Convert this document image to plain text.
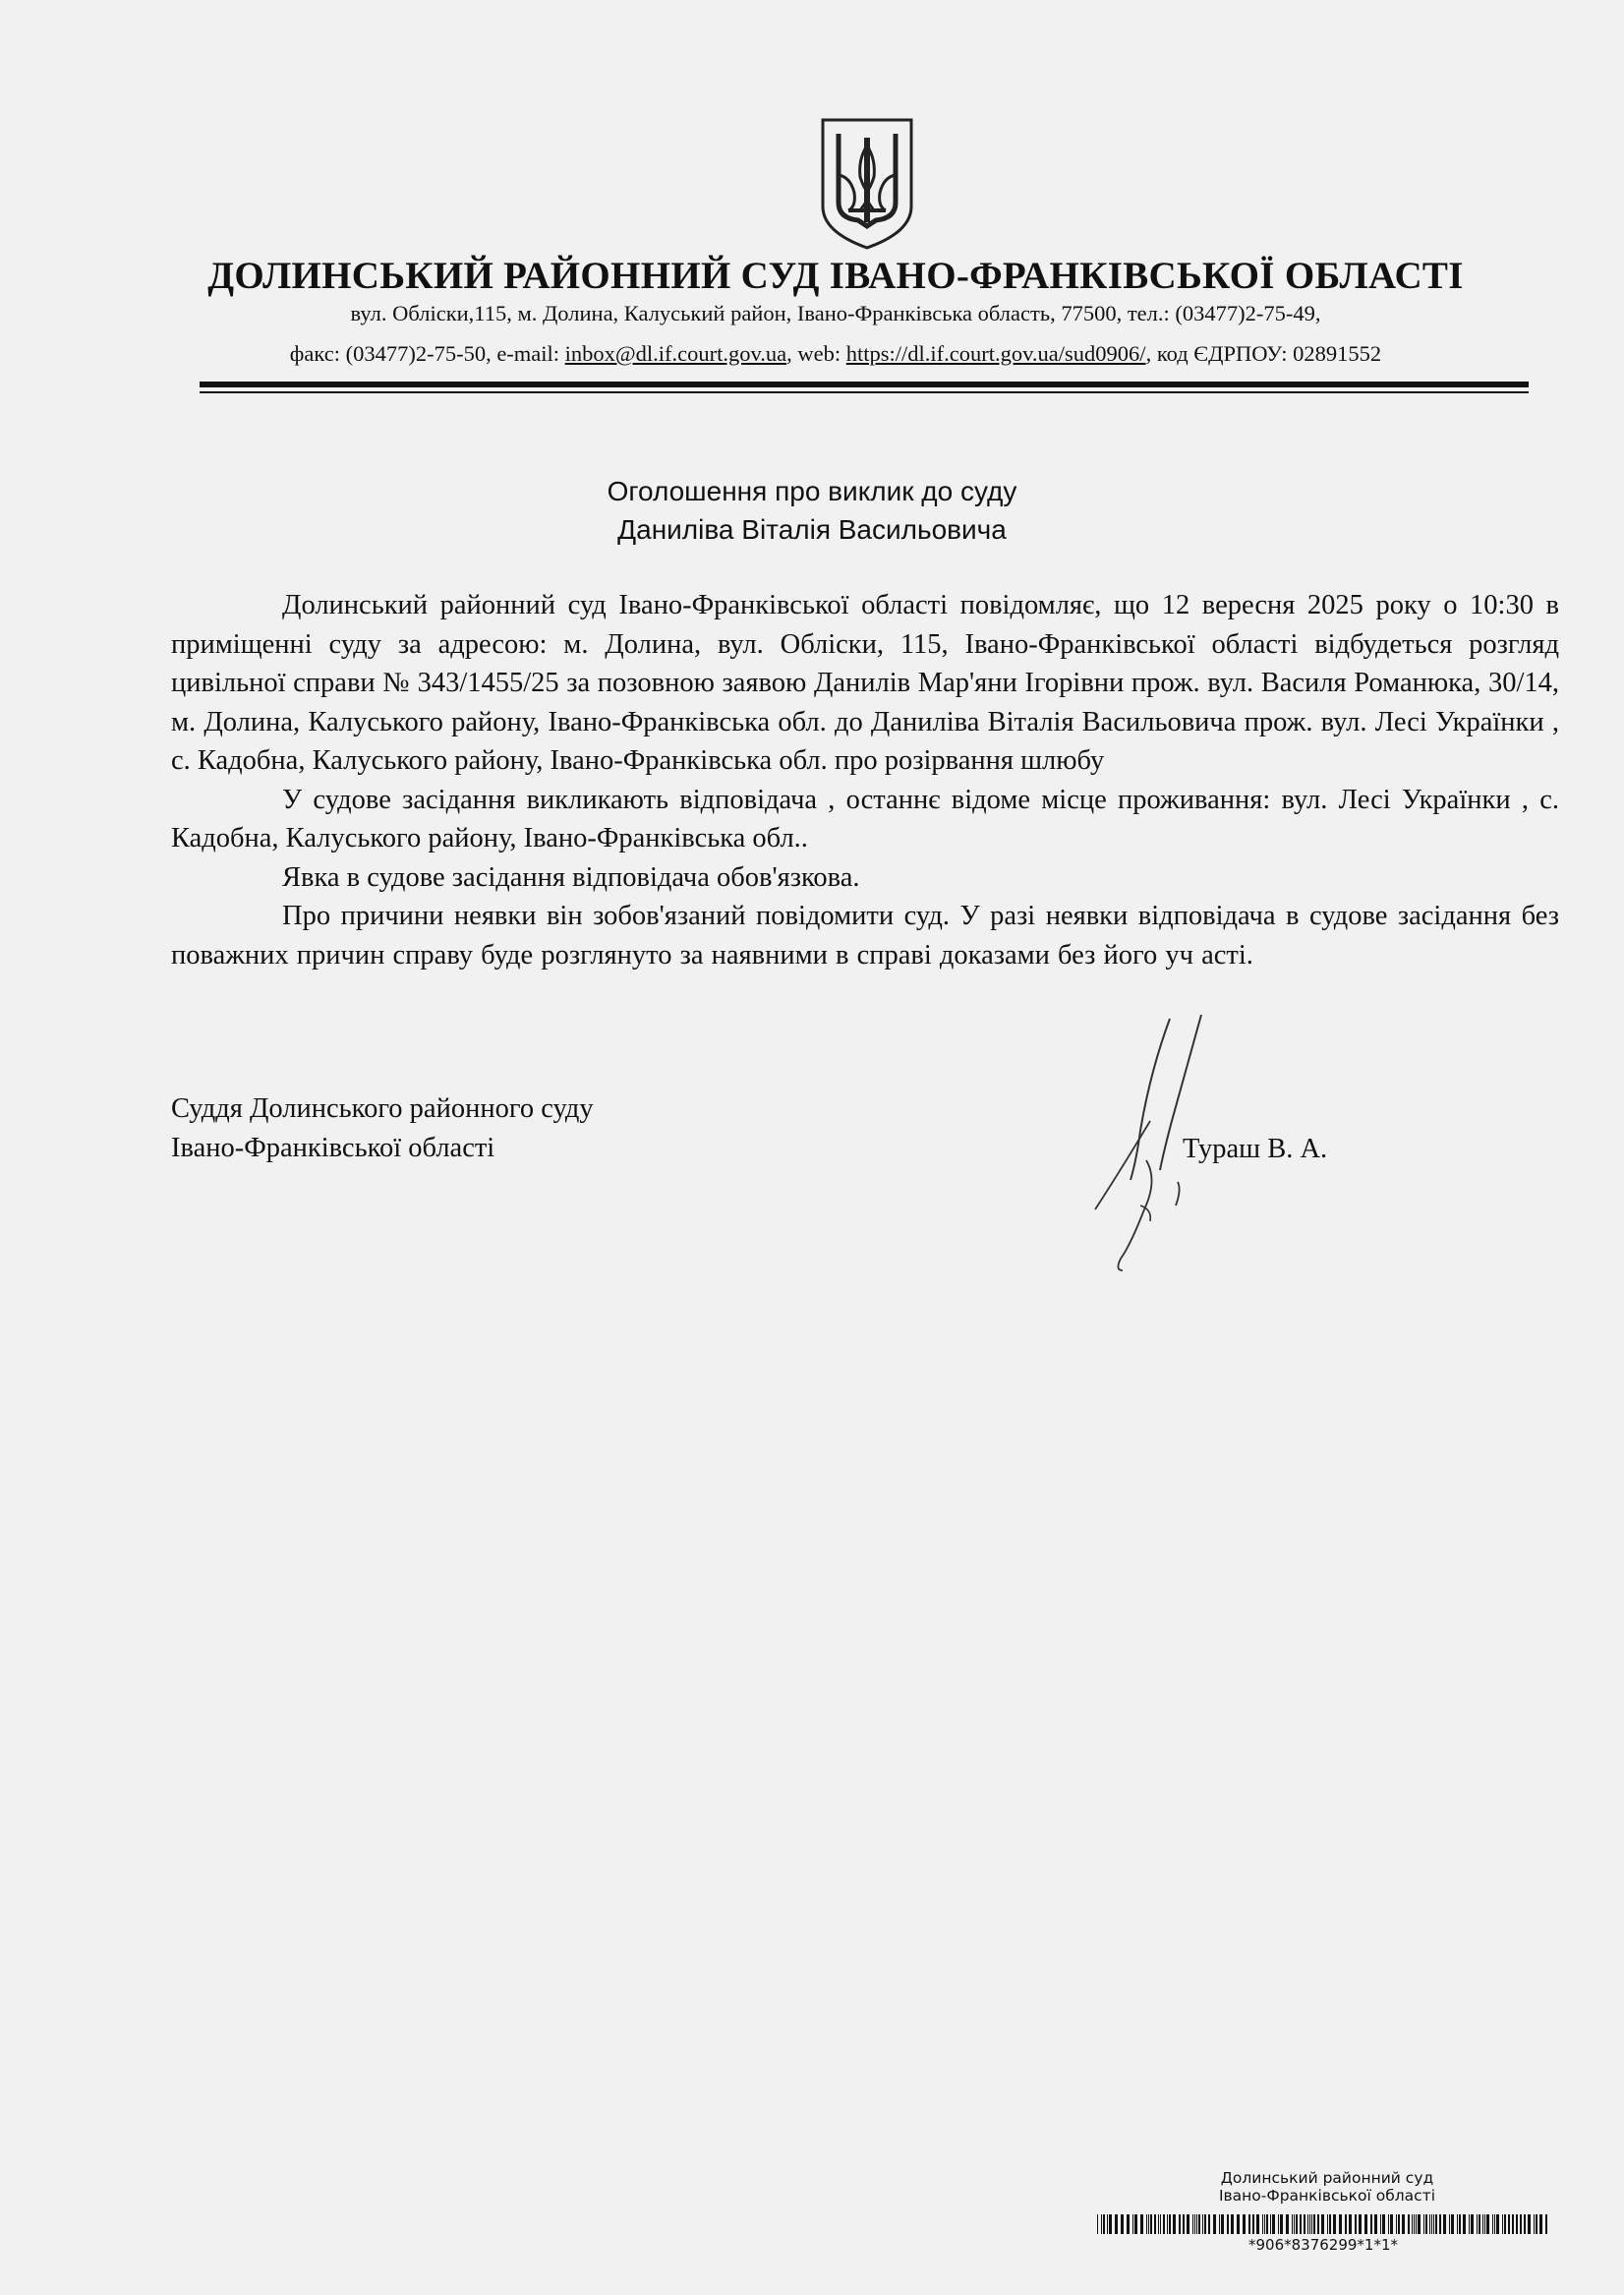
ДОЛИНСЬКИЙ РАЙОННИЙ СУД ІВАНО-ФРАНКІВСЬКОЇ ОБЛАСТІ
вул. Обліски,115, м. Долина, Калуський район, Івано-Франківська область, 77500, тел.: (03477)2-75-49,
факс: (03477)2-75-50, e-mail: inbox@dl.if.court.gov.ua, web: https://dl.if.court.gov.ua/sud0906/, код ЄДРПОУ: 02891552
Оголошення про виклик до суду
Даниліва Віталія Васильовича

Долинський районний суд Івано-Франківської області повідомляє, що 12 вересня 2025 року о 10:30 в приміщенні суду за адресою: м. Долина, вул. Обліски, 115, Івано-Франківської області відбудеться розгляд цивільної справи № 343/1455/25 за позовною заявою Данилів Мар'яни Ігорівни прож. вул. Василя Романюка, 30/14, м. Долина, Калуського району, Івано-Франківська обл. до Даниліва Віталія Васильовича прож. вул. Лесі Українки , с. Кадобна, Калуського району, Івано-Франківська обл. про розірвання шлюбу

У судове засідання викликають відповідача , останнє відоме місце проживання: вул. Лесі Українки , с. Кадобна, Калуського району, Івано-Франківська обл..

Явка в судове засідання відповідача обов'язкова.

Про причини неявки він зобов'язаний повідомити суд. У разі неявки відповідача в судове засідання без поважних причин справу буде розглянуто за наявними в справі доказами без його уч асті.

Суддя Долинського районного суду
Івано-Франківської області	Тураш В. А.
Долинський районний суд
Івано-Франківської області
*906*8376299*1*1*
